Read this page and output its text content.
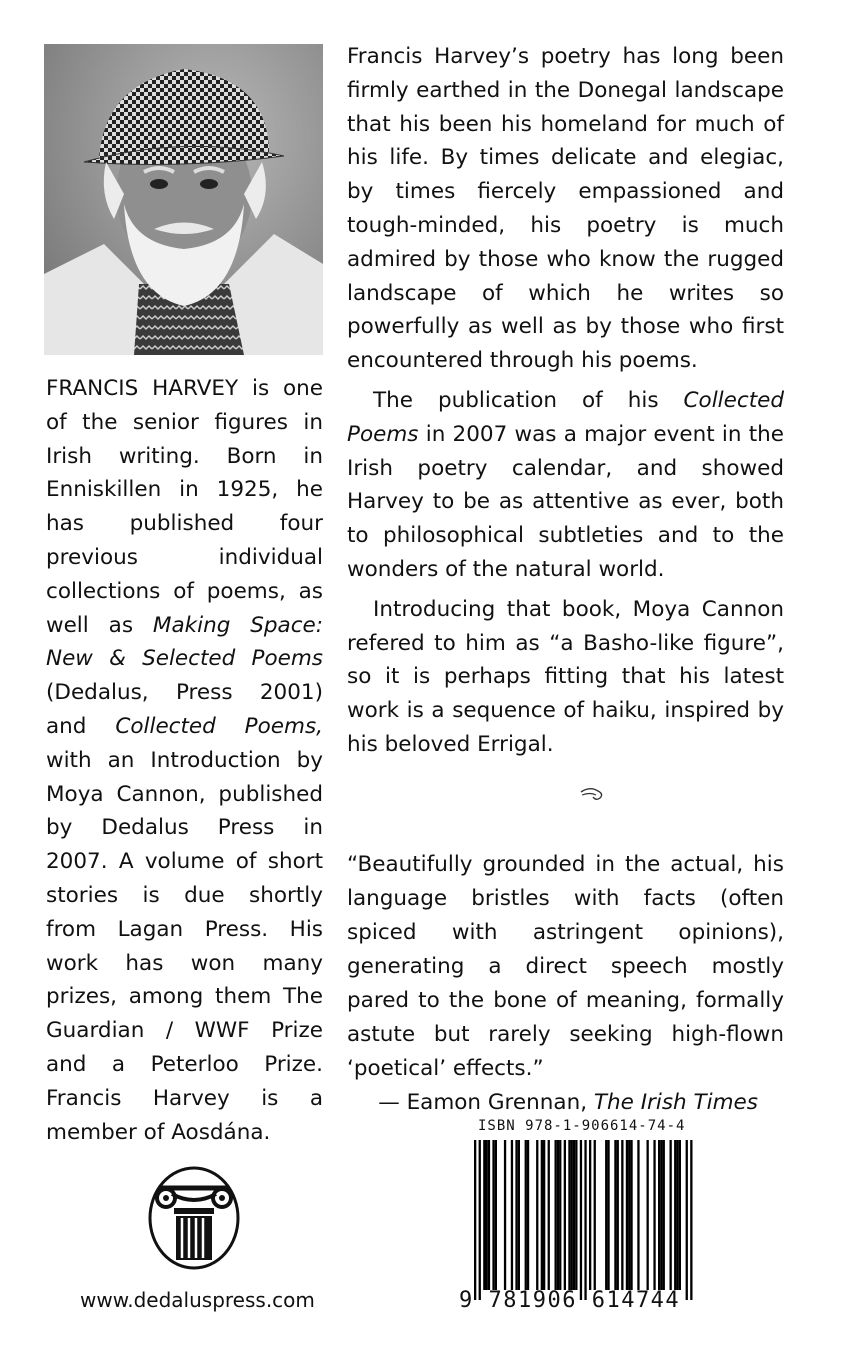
FRANCIS HARVEY is one of the senior figures in Irish writing. Born in Enniskillen in 1925, he has published four previous individual collections of poems, as well as Making Space: New & Selected Poems (Dedalus, Press 2001) and Collected Poems, with an Introduction by Moya Cannon, published by Dedalus Press in 2007. A volume of short stories is due shortly from Lagan Press. His work has won many prizes, among them The Guardian / WWF Prize and a Peterloo Prize. Francis Harvey is a member of Aosdána.

Francis Harvey’s poetry has long been firmly earthed in the Donegal landscape that his been his homeland for much of his life. By times delicate and elegiac, by times fiercely empassioned and tough-minded, his poetry is much admired by those who know the rugged landscape of which he writes so powerfully as well as by those who first encountered through his poems.

The publication of his Collected Poems in 2007 was a major event in the Irish poetry calendar, and showed Harvey to be as attentive as ever, both to philosophical subtleties and to the wonders of the natural world.

Introducing that book, Moya Cannon refered to him as “a Basho-like figure”, so it is perhaps fitting that his latest work is a sequence of haiku, inspired by his beloved Errigal.

“Beautifully grounded in the actual, his language bristles with facts (often spiced with astringent opinions), generating a direct speech mostly pared to the bone of meaning, formally astute but rarely seeking high-flown ‘poetical’ effects.”

— Eamon Grennan, The Irish Times

www.dedaluspress.com
ISBN 978-1-906614-74-4
9 781906 614744
